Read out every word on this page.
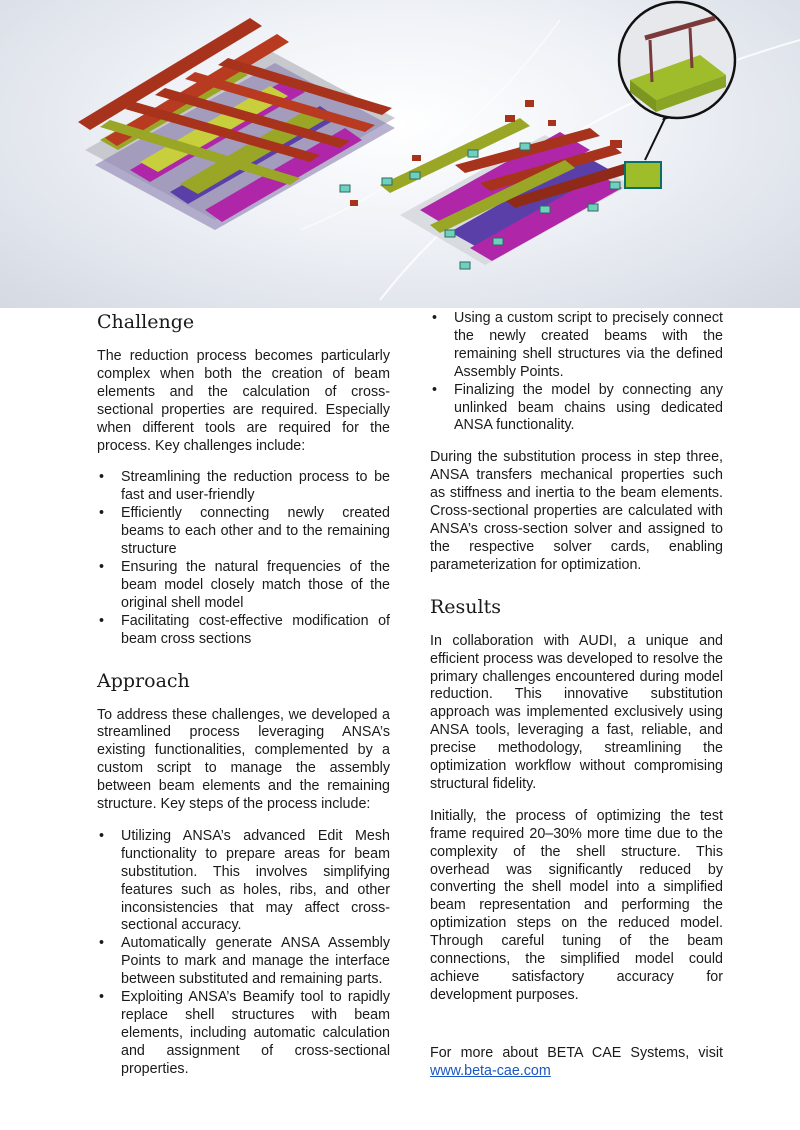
Challenge

The reduction process becomes particularly complex when both the creation of beam elements and the calculation of cross-sectional properties are required. Especially when different tools are required for the process. Key challenges include:

• Streamlining the reduction process to be fast and user-friendly
• Efficiently connecting newly created beams to each other and to the remaining structure
• Ensuring the natural frequencies of the beam model closely match those of the original shell model
• Facilitating cost-effective modification of beam cross sections
Approach

To address these challenges, we developed a streamlined process leveraging ANSA’s existing functionalities, complemented by a custom script to manage the assembly between beam elements and the remaining structure. Key steps of the process include:

• Utilizing ANSA’s advanced Edit Mesh functionality to prepare areas for beam substitution. This involves simplifying features such as holes, ribs, and other inconsistencies that may affect cross-sectional accuracy.
• Automatically generate ANSA Assembly Points to mark and manage the interface between substituted and remaining parts.
• Exploiting ANSA’s Beamify tool to rapidly replace shell structures with beam elements, including automatic calculation and assignment of cross-sectional properties.
• Using a custom script to precisely connect the newly created beams with the remaining shell structures via the defined Assembly Points.
• Finalizing the model by connecting any unlinked beam chains using dedicated ANSA functionality.

During the substitution process in step three, ANSA transfers mechanical properties such as stiffness and inertia to the beam elements. Cross-sectional properties are calculated with ANSA’s cross-section solver and assigned to the respective solver cards, enabling parameterization for optimization.

Results

In collaboration with AUDI, a unique and efficient process was developed to resolve the primary challenges encountered during model reduction. This innovative substitution approach was implemented exclusively using ANSA tools, leveraging a fast, reliable, and precise methodology, streamlining the optimization workflow without compromising structural fidelity.

Initially, the process of optimizing the test frame required 20–30% more time due to the complexity of the shell structure. This overhead was significantly reduced by converting the shell model into a simplified beam representation and performing the optimization steps on the reduced model. Through careful tuning of the beam connections, the simplified model could achieve satisfactory accuracy for development purposes.

For more about BETA CAE Systems, visit www.beta-cae.com
